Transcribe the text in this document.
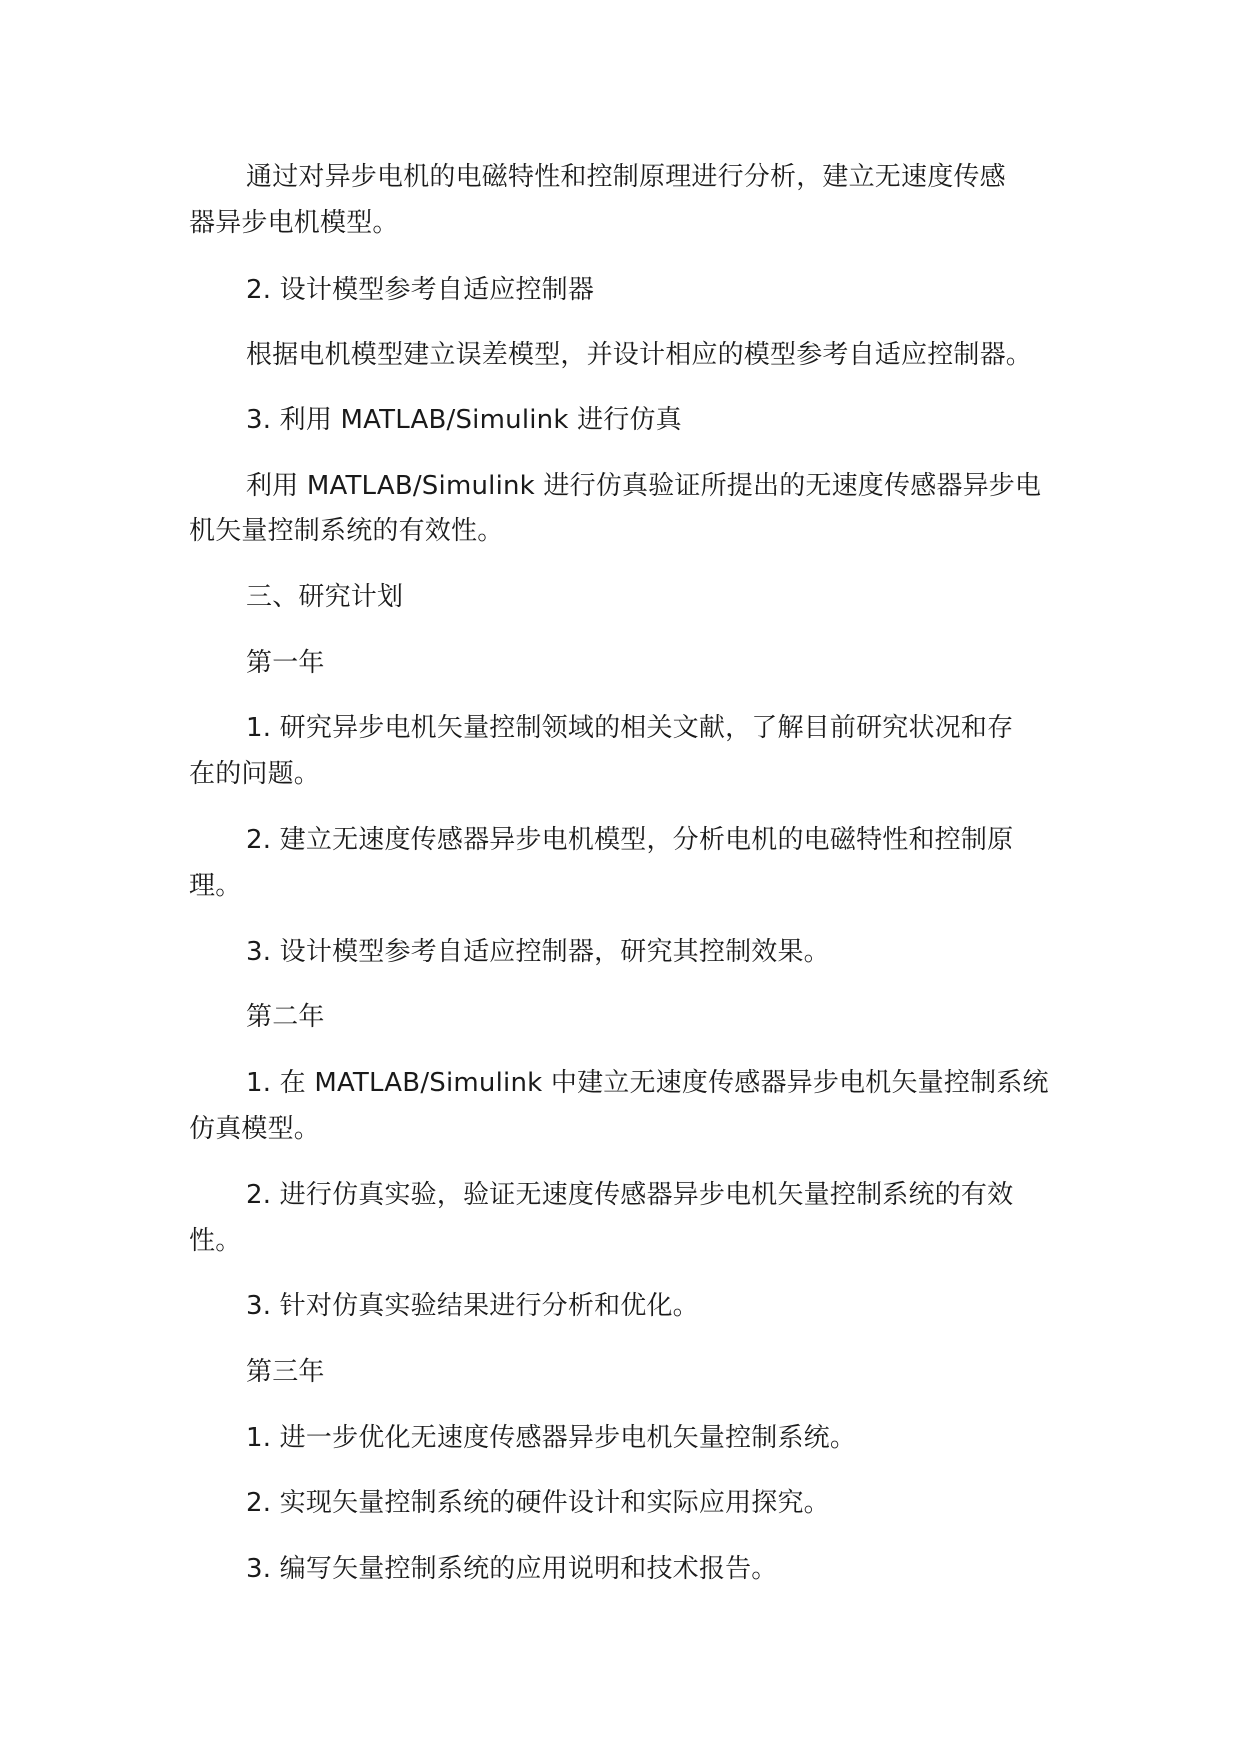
通过对异步电机的电磁特性和控制原理进行分析，建立无速度传感
器异步电机模型。
2. 设计模型参考自适应控制器
根据电机模型建立误差模型，并设计相应的模型参考自适应控制器。
3. 利用 MATLAB/Simulink 进行仿真
利用 MATLAB/Simulink 进行仿真验证所提出的无速度传感器异步电
机矢量控制系统的有效性。
三、研究计划
第一年
1. 研究异步电机矢量控制领域的相关文献，了解目前研究状况和存
在的问题。
2. 建立无速度传感器异步电机模型，分析电机的电磁特性和控制原
理。
3. 设计模型参考自适应控制器，研究其控制效果。
第二年
1. 在 MATLAB/Simulink 中建立无速度传感器异步电机矢量控制系统
仿真模型。
2. 进行仿真实验，验证无速度传感器异步电机矢量控制系统的有效
性。
3. 针对仿真实验结果进行分析和优化。
第三年
1. 进一步优化无速度传感器异步电机矢量控制系统。
2. 实现矢量控制系统的硬件设计和实际应用探究。
3. 编写矢量控制系统的应用说明和技术报告。
